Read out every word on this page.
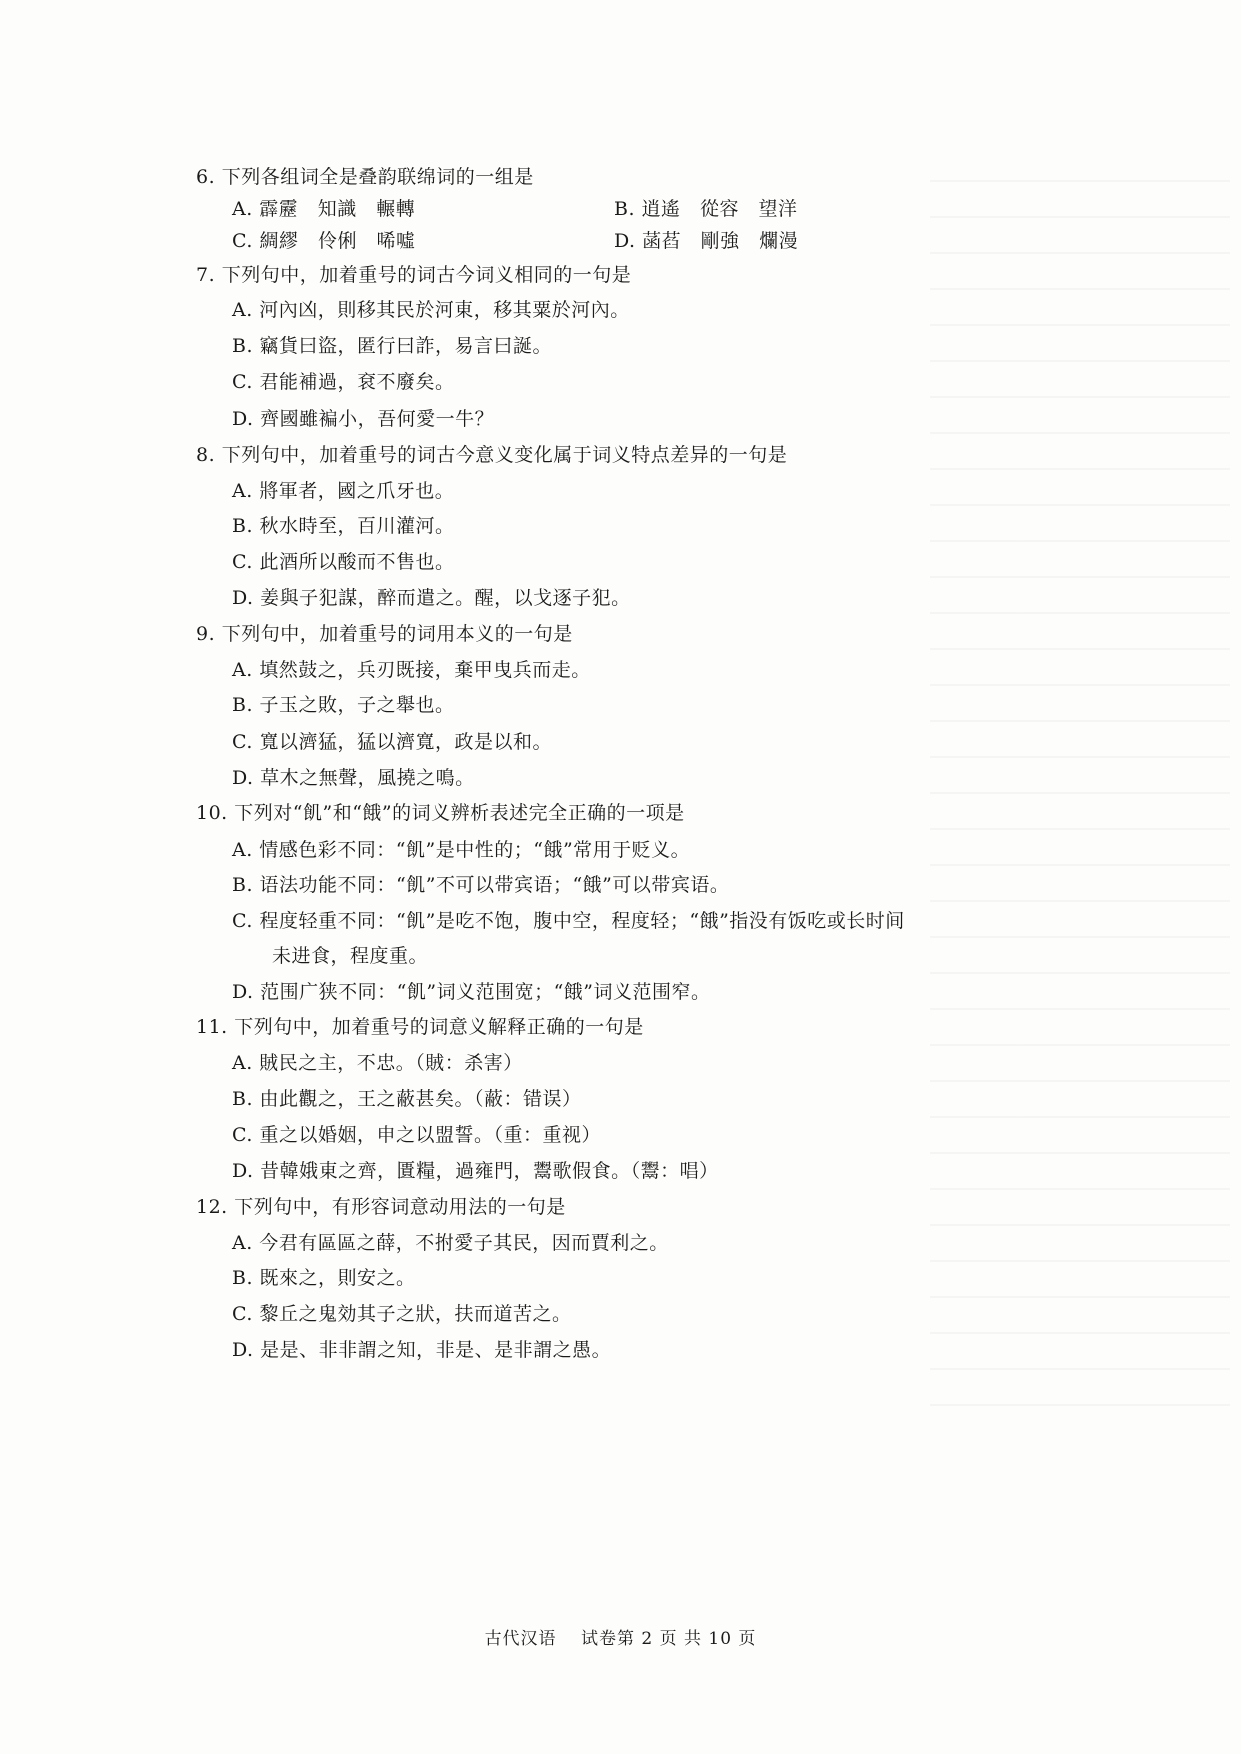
6. 下列各组词全是叠韵联绵词的一组是
A. 霹靂　知識　輾轉	B. 逍遙　從容　望洋
C. 綢繆　伶俐　唏噓	D. 菡萏　剛強　爛漫
7. 下列句中，加着重号的词古今词义相同的一句是
A. 河內凶，則移其民於河東，移其粟於河內。
B. 竊貨曰盜，匿行曰詐，易言曰誕。
C. 君能補過，袞不廢矣。
D. 齊國雖褊小，吾何愛一牛？
8. 下列句中，加着重号的词古今意义变化属于词义特点差异的一句是
A. 將軍者，國之爪牙也。
B. 秋水時至，百川灌河。
C. 此酒所以酸而不售也。
D. 姜與子犯謀，醉而遣之。醒，以戈逐子犯。
9. 下列句中，加着重号的词用本义的一句是
A. 填然鼓之，兵刃既接，棄甲曳兵而走。
B. 子玉之敗，子之舉也。
C. 寬以濟猛，猛以濟寬，政是以和。
D. 草木之無聲，風撓之鳴。
10. 下列对“飢”和“餓”的词义辨析表述完全正确的一项是
A. 情感色彩不同：“飢”是中性的；“餓”常用于贬义。
B. 语法功能不同：“飢”不可以带宾语；“餓”可以带宾语。
C. 程度轻重不同：“飢”是吃不饱，腹中空，程度轻；“餓”指没有饭吃或长时间
未进食，程度重。
D. 范围广狭不同：“飢”词义范围宽；“餓”词义范围窄。
11. 下列句中，加着重号的词意义解释正确的一句是
A. 賊民之主，不忠。（賊：杀害）
B. 由此觀之，王之蔽甚矣。（蔽：错误）
C. 重之以婚姻，申之以盟誓。（重：重视）
D. 昔韓娥東之齊，匱糧，過雍門，鬻歌假食。（鬻：唱）
12. 下列句中，有形容词意动用法的一句是
A. 今君有區區之薛，不拊愛子其民，因而賈利之。
B. 既來之，則安之。
C. 黎丘之鬼効其子之狀，扶而道苦之。
D. 是是、非非謂之知，非是、是非謂之愚。
古代汉语　 试卷第 2 页 共 10 页
